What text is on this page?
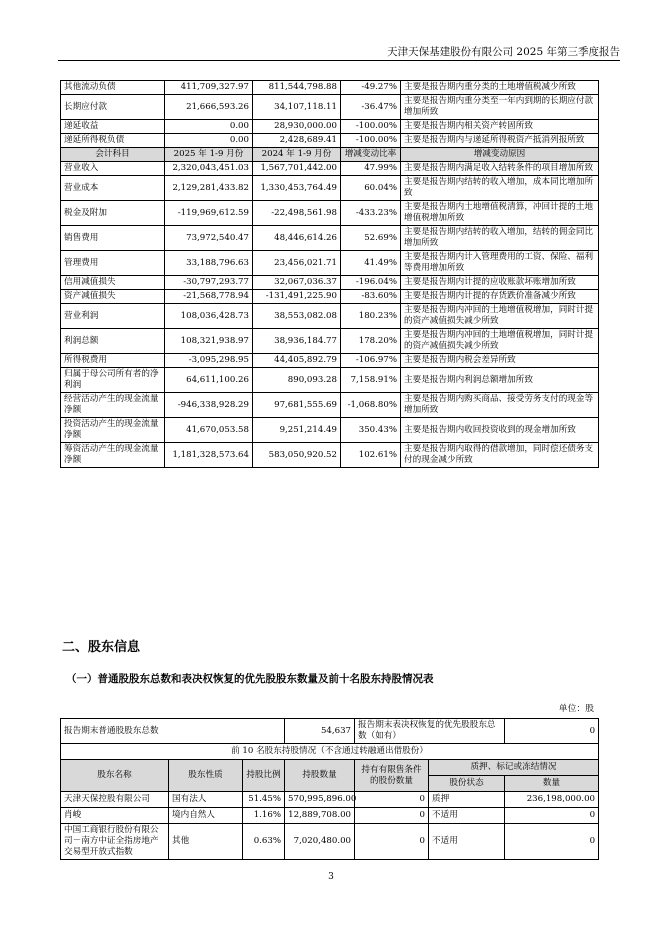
天津天保基建股份有限公司 2025 年第三季度报告
其他流动负债	411,709,327.97	811,544,798.88	-49.27%	主要是报告期内重分类的土地增值税减少所致
长期应付款	21,666,593.26	34,107,118.11	-36.47%	主要是报告期内重分类至一年内到期的长期应付款增加所致
递延收益	0.00	28,930,000.00	-100.00%	主要是报告期内相关资产转固所致
递延所得税负债	0.00	2,428,689.41	-100.00%	主要是报告期内与递延所得税资产抵消列报所致
会计科目	2025 年 1-9 月份	2024 年 1-9 月份	增减变动比率	增减变动原因
营业收入	2,320,043,451.03	1,567,701,442.00	47.99%	主要是报告期内满足收入结转条件的项目增加所致
营业成本	2,129,281,433.82	1,330,453,764.49	60.04%	主要是报告期内结转的收入增加，成本同比增加所致
税金及附加	-119,969,612.59	-22,498,561.98	-433.23%	主要是报告期内土地增值税清算，冲回计提的土地增值税增加所致
销售费用	73,972,540.47	48,446,614.26	52.69%	主要是报告期内结转的收入增加，结转的佣金同比增加所致
管理费用	33,188,796.63	23,456,021.71	41.49%	主要是报告期内计入管理费用的工资、保险、福利等费用增加所致
信用减值损失	-30,797,293.77	32,067,036.37	-196.04%	主要是报告期内计提的应收账款坏账增加所致
资产减值损失	-21,568,778.94	-131,491,225.90	-83.60%	主要是报告期内计提的存货跌价准备减少所致
营业利润	108,036,428.73	38,553,082.08	180.23%	主要是报告期内冲回的土地增值税增加，同时计提的资产减值损失减少所致
利润总额	108,321,938.97	38,936,184.77	178.20%	主要是报告期内冲回的土地增值税增加，同时计提的资产减值损失减少所致
所得税费用	-3,095,298.95	44,405,892.79	-106.97%	主要是报告期内税会差异所致
归属于母公司所有者的净利润	64,611,100.26	890,093.28	7,158.91%	主要是报告期内利润总额增加所致
经营活动产生的现金流量净额	-946,338,928.29	97,681,555.69	-1,068.80%	主要是报告期内购买商品、接受劳务支付的现金等增加所致
投资活动产生的现金流量净额	41,670,053.58	9,251,214.49	350.43%	主要是报告期内收回投资收到的现金增加所致
筹资活动产生的现金流量净额	1,181,328,573.64	583,050,920.52	102.61%	主要是报告期内取得的借款增加，同时偿还债务支付的现金减少所致
二、股东信息
（一）普通股股东总数和表决权恢复的优先股股东数量及前十名股东持股情况表
单位：股
报告期末普通股股东总数			54,637	报告期末表决权恢复的优先股股东总数（如有）		0
前 10 名股东持股情况（不含通过转融通出借股份）						
股东名称	股东性质	持股比例	持股数量	持有有限售条件的股份数量	质押、标记或冻结情况	
					股份状态	数量
天津天保控股有限公司	国有法人	51.45%	570,995,896.00	0	质押	236,198,000.00
肖峻	境内自然人	1.16%	12,889,708.00	0	不适用	0
中国工商银行股份有限公司－南方中证全指房地产交易型开放式指数	其他	0.63%	7,020,480.00	0	不适用	0
3
